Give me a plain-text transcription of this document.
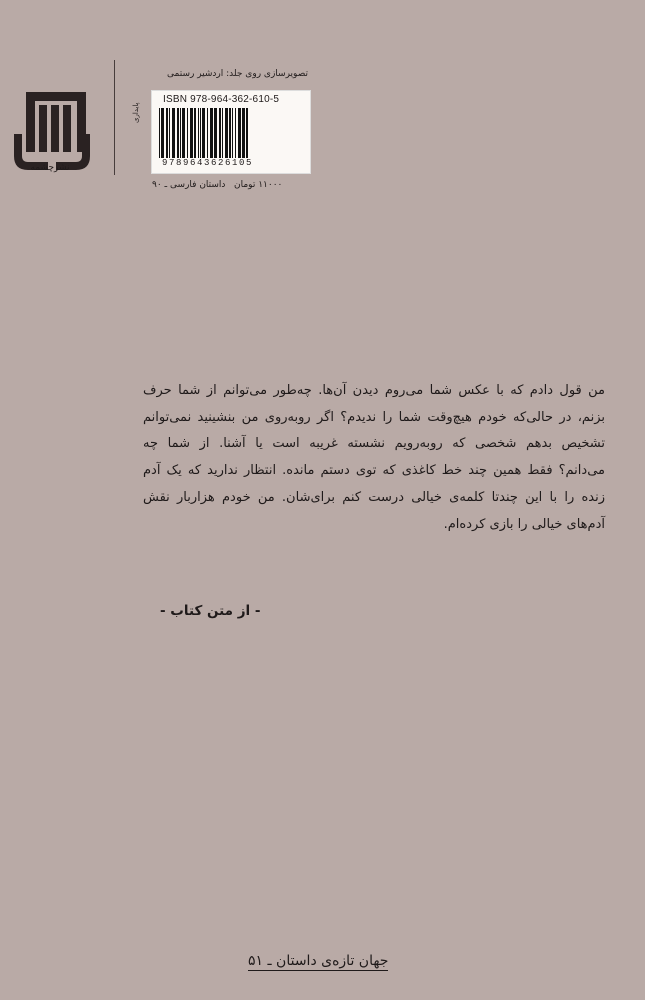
نشرچشمه
تصویرسازی روی جلد: اردشیر رستمی
پایداری
ISBN 978-964-362-610-5
9789643626105
۱۱۰۰۰ تومان
داستان فارسی ـ ۹۰
من قول دادم که با عکس شما می‌روم دیدن آن‌ها. چه‌طور می‌توانم از شما حرف
بزنم، در حالی‌که خودم هیچ‌وقت شما را ندیدم؟ اگر روبه‌روی من بنشینید نمی‌توانم
تشخیص بدهم شخصی که روبه‌رویم نشسته غریبه است یا آشنا. از شما چه
می‌دانم؟ فقط همین چند خط کاغذی که توی دستم مانده. انتظار ندارید که یک آدم
زنده را با این چندتا کلمه‌ی خیالی درست کنم برای‌شان. من خودم هزاربار نقش
آدم‌های خیالی را بازی کرده‌ام.
- از متن کتاب -
جهان تازه‌ی داستان ـ ۵۱
